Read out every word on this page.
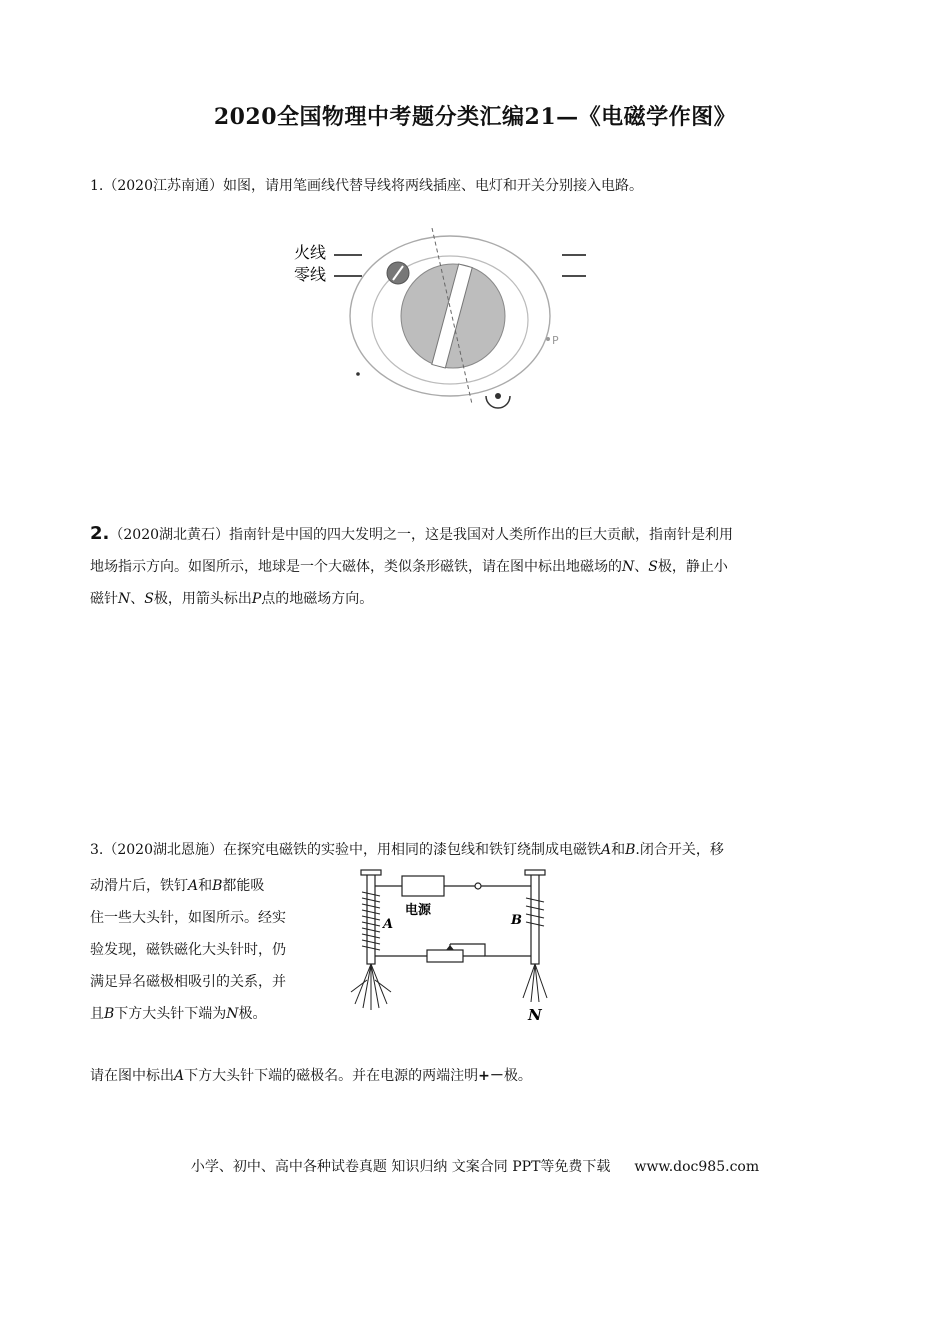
2020全国物理中考题分类汇编21—《电磁学作图》
1.（2020江苏南通）如图，请用笔画线代替导线将两线插座、电灯和开关分别接入电路。
火线
零线
P
2.（2020湖北黄石）指南针是中国的四大发明之一，这是我国对人类所作出的巨大贡献，指南针是利用
地场指示方向。如图所示，地球是一个大磁体，类似条形磁铁，请在图中标出地磁场的N、S极，静止小
磁针N、S极，用箭头标出P点的地磁场方向。
3.（2020湖北恩施）在探究电磁铁的实验中，用相同的漆包线和铁钉绕制成电磁铁A和B.闭合开关，移
动滑片后，铁钉A和B都能吸
住一些大头针，如图所示。经实
验发现，磁铁磁化大头针时，仍
满足异名磁极相吸引的关系，并
且B下方大头针下端为N极。
A	B
N
电源
请在图中标出A下方大头针下端的磁极名。并在电源的两端注明+－极。
小学、初中、高中各种试卷真题 知识归纳 文案合同 PPT等免费下载 www.doc985.com
